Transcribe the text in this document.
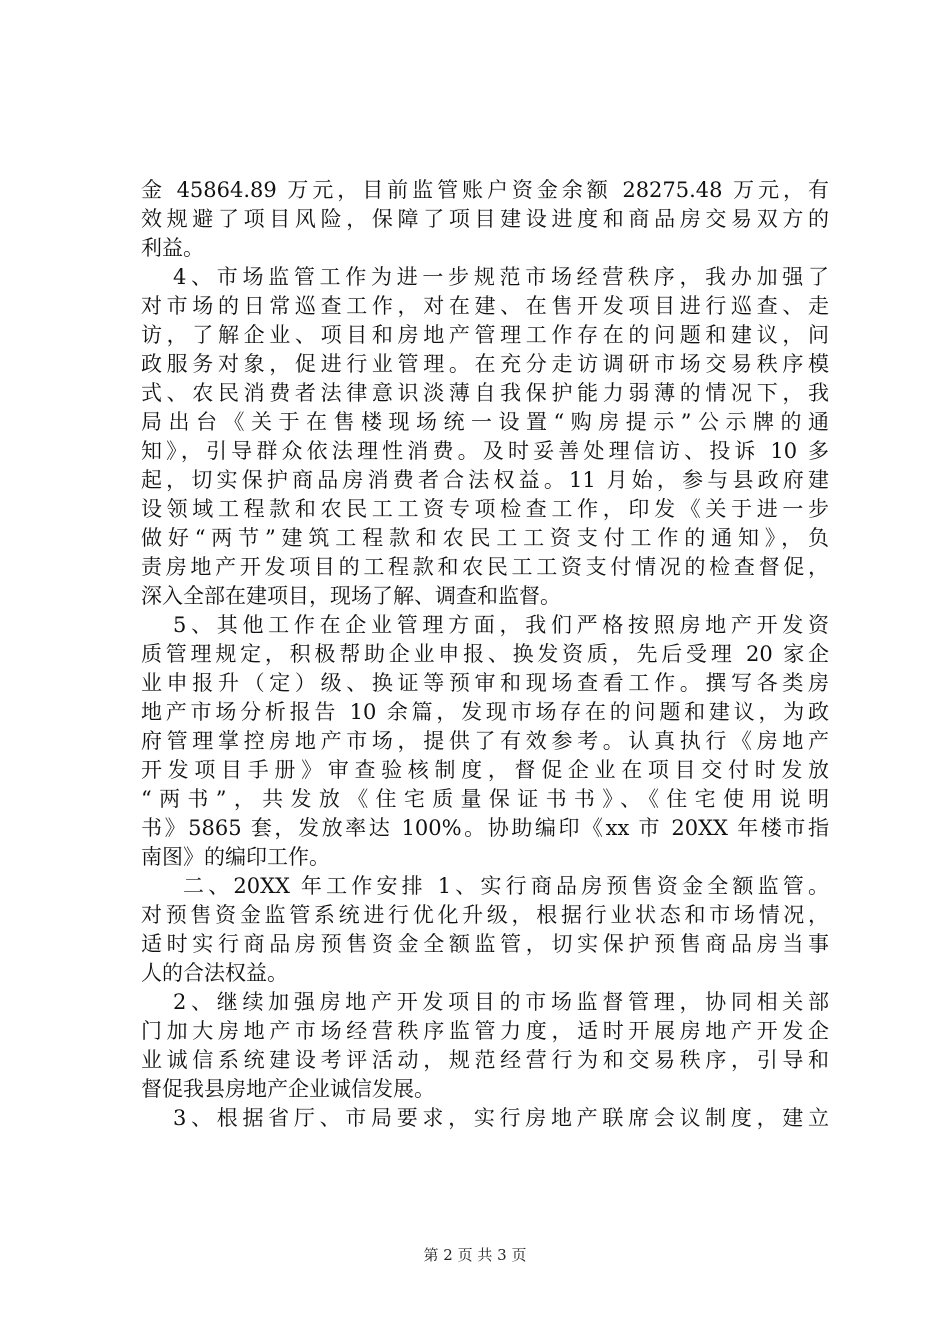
金 45864.89 万元，目前监管账户资金余额 28275.48 万元，有
效规避了项目风险，保障了项目建设进度和商品房交易双方的
利益。
4、市场监管工作为进一步规范市场经营秩序，我办加强了
对市场的日常巡查工作，对在建、在售开发项目进行巡查、走
访，了解企业、项目和房地产管理工作存在的问题和建议，问
政服务对象，促进行业管理。在充分走访调研市场交易秩序模
式、农民消费者法律意识淡薄自我保护能力弱薄的情况下，我
局出台《关于在售楼现场统一设置“购房提示”公示牌的通
知》，引导群众依法理性消费。及时妥善处理信访、投诉 10 多
起，切实保护商品房消费者合法权益。11 月始，参与县政府建
设领域工程款和农民工工资专项检查工作，印发《关于进一步
做好“两节”建筑工程款和农民工工资支付工作的通知》，负
责房地产开发项目的工程款和农民工工资支付情况的检查督促，
深入全部在建项目，现场了解、调查和监督。
5、其他工作在企业管理方面，我们严格按照房地产开发资
质管理规定，积极帮助企业申报、换发资质，先后受理 20 家企
业申报升（定）级、换证等预审和现场查看工作。撰写各类房
地产市场分析报告 10 余篇，发现市场存在的问题和建议，为政
府管理掌控房地产市场，提供了有效参考。认真执行《房地产
开发项目手册》审查验核制度，督促企业在项目交付时发放
“两书”，共发放《住宅质量保证书书》、《住宅使用说明
书》5865 套，发放率达 100%。协助编印《xx 市 20XX 年楼市指
南图》的编印工作。
二、20XX 年工作安排 1、实行商品房预售资金全额监管。
对预售资金监管系统进行优化升级，根据行业状态和市场情况，
适时实行商品房预售资金全额监管，切实保护预售商品房当事
人的合法权益。
2、继续加强房地产开发项目的市场监督管理，协同相关部
门加大房地产市场经营秩序监管力度，适时开展房地产开发企
业诚信系统建设考评活动，规范经营行为和交易秩序，引导和
督促我县房地产企业诚信发展。
3、根据省厅、市局要求，实行房地产联席会议制度，建立
第 2 页 共 3 页
